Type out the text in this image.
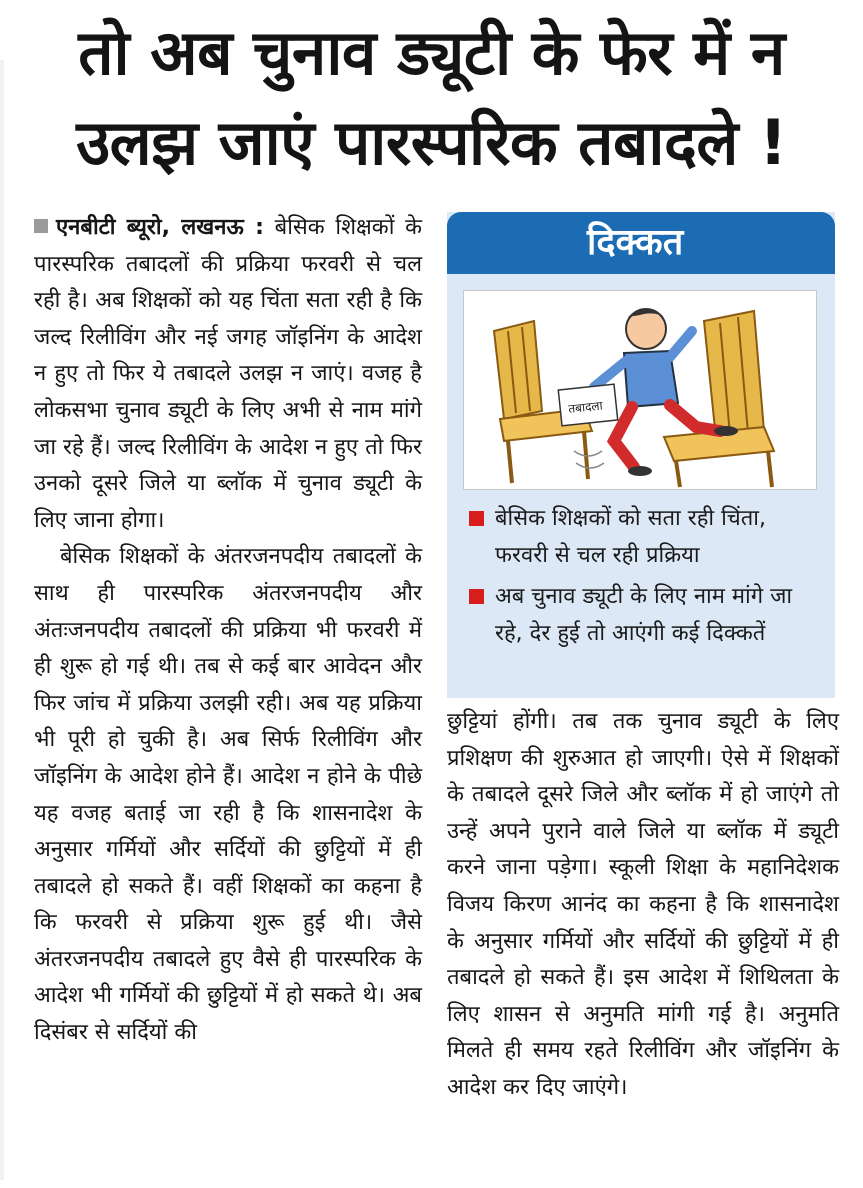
तो अब चुनाव ड्यूटी के फेर में न
उलझ जाएं पारस्परिक तबादले !

एनबीटी ब्यूरो, लखनऊ : बेसिक शिक्षकों के पारस्परिक तबादलों की प्रक्रिया फरवरी से चल रही है। अब शिक्षकों को यह चिंता सता रही है कि जल्द रिलीविंग और नई जगह जॉइनिंग के आदेश न हुए तो फिर ये तबादले उलझ न जाएं। वजह है लोकसभा चुनाव ड्यूटी के लिए अभी से नाम मांगे जा रहे हैं। जल्द रिलीविंग के आदेश न हुए तो फिर उनको दूसरे जिले या ब्लॉक में चुनाव ड्यूटी के लिए जाना होगा।

बेसिक शिक्षकों के अंतरजनपदीय तबादलों के साथ ही पारस्परिक अंतरजनपदीय और अंतःजनपदीय तबादलों की प्रक्रिया भी फरवरी में ही शुरू हो गई थी। तब से कई बार आवेदन और फिर जांच में प्रक्रिया उलझी रही। अब यह प्रक्रिया भी पूरी हो चुकी है। अब सिर्फ रिलीविंग और जॉइनिंग के आदेश होने हैं। आदेश न होने के पीछे यह वजह बताई जा रही है कि शासनादेश के अनुसार गर्मियों और सर्दियों की छुट्टियों में ही तबादले हो सकते हैं। वहीं शिक्षकों का कहना है कि फरवरी से प्रक्रिया शुरू हुई थी। जैसे अंतरजनपदीय तबादले हुए वैसे ही पारस्परिक के आदेश भी गर्मियों की छुट्टियों में हो सकते थे। अब दिसंबर से सर्दियों की

दिक्कत
तबादला
बेसिक शिक्षकों को सता रही चिंता, फरवरी से चल रही प्रक्रिया
अब चुनाव ड्यूटी के लिए नाम मांगे जा रहे, देर हुई तो आएंगी कई दिक्कतें

छुट्टियां होंगी। तब तक चुनाव ड्यूटी के लिए प्रशिक्षण की शुरुआत हो जाएगी। ऐसे में शिक्षकों के तबादले दूसरे जिले और ब्लॉक में हो जाएंगे तो उन्हें अपने पुराने वाले जिले या ब्लॉक में ड्यूटी करने जाना पड़ेगा। स्कूली शिक्षा के महानिदेशक विजय किरण आनंद का कहना है कि शासनादेश के अनुसार गर्मियों और सर्दियों की छुट्टियों में ही तबादले हो सकते हैं। इस आदेश में शिथिलता के लिए शासन से अनुमति मांगी गई है। अनुमति मिलते ही समय रहते रिलीविंग और जॉइनिंग के आदेश कर दिए जाएंगे।
